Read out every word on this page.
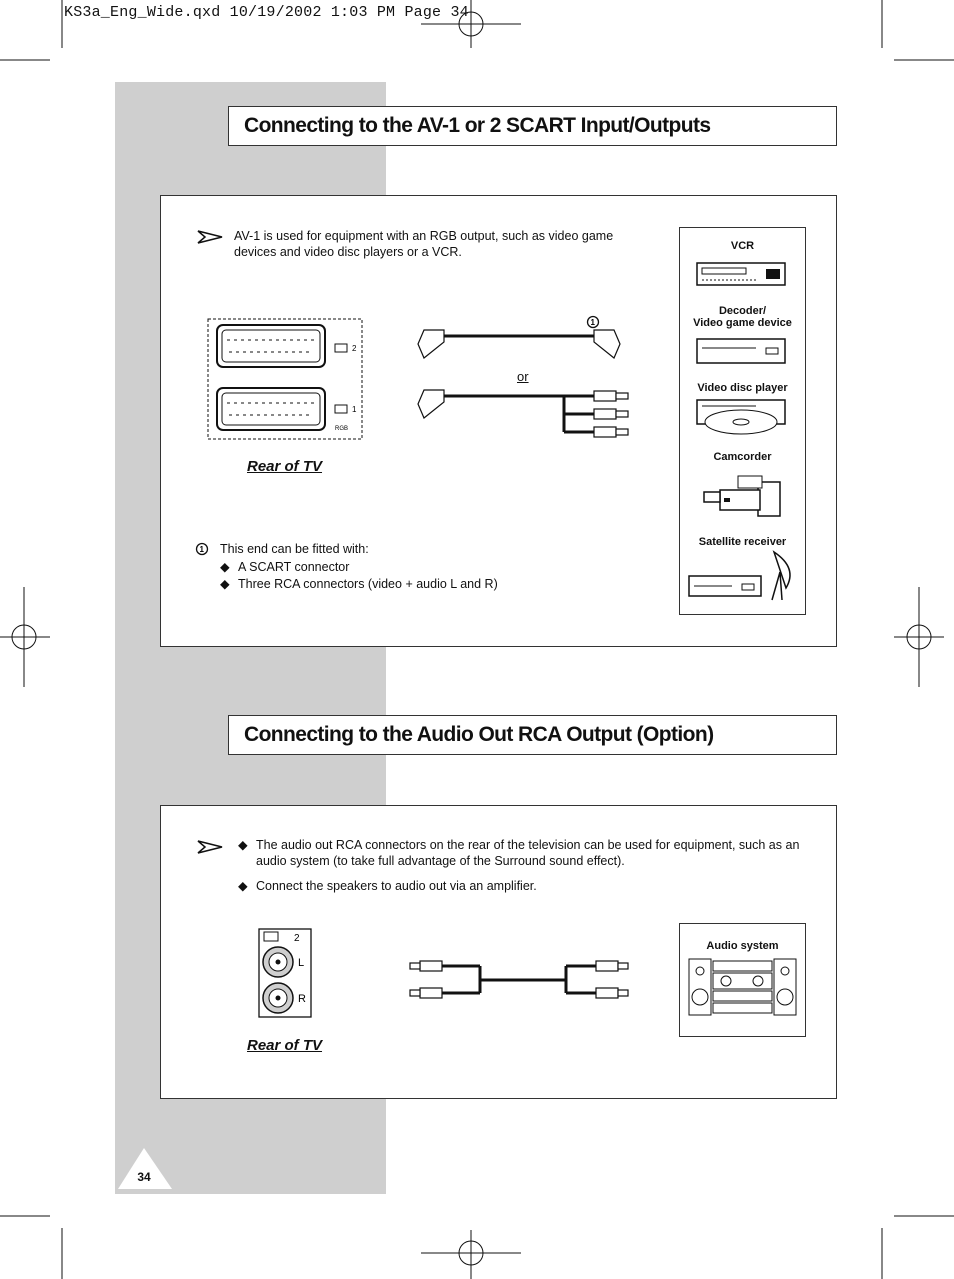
KS3a_Eng_Wide.qxd 10/19/2002 1:03 PM Page 34
Connecting to the AV-1 or 2 SCART Input/Outputs
AV-1 is used for equipment with an RGB output, such as video game devices and video disc players or a VCR.
2
1
RGB
Rear of TV
1
or
1 This end can be fitted with:
◆ A SCART connector
◆ Three RCA connectors (video + audio L and R)
VCR
Decoder/
Video game device
Video disc player
Camcorder
Satellite receiver
Connecting to the Audio Out RCA Output (Option)
◆ The audio out RCA connectors on the rear of the television can be used for equipment, such as an audio system (to take full advantage of the Surround sound effect).
◆ Connect the speakers to audio out via an amplifier.
2
L
R
Rear of TV
Audio system
34
